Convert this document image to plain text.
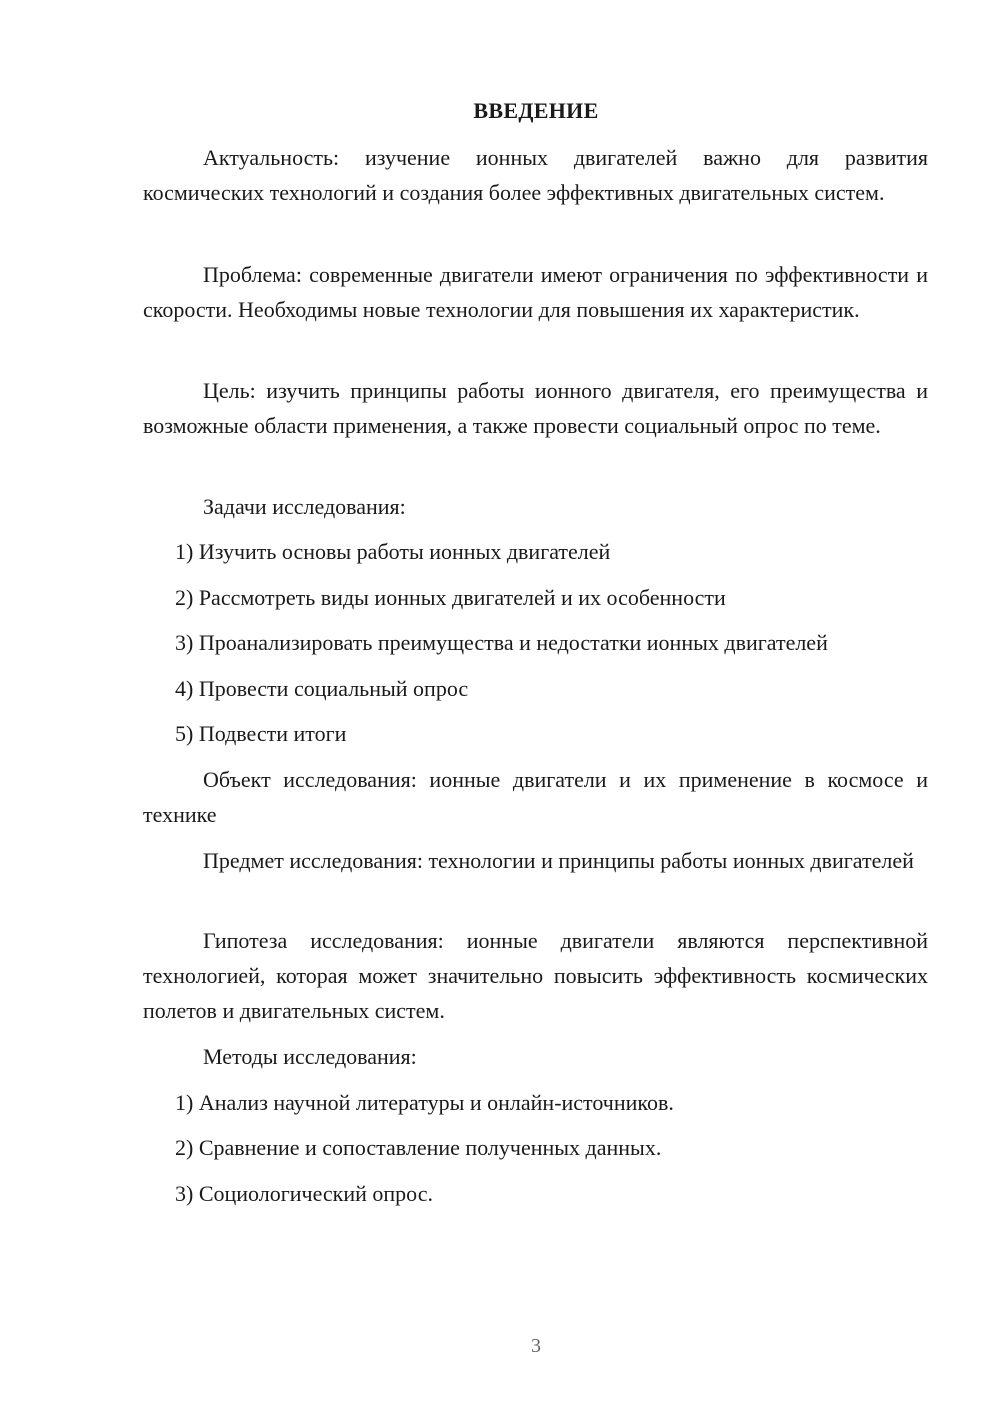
ВВЕДЕНИЕ

Актуальность: изучение ионных двигателей важно для развития космических технологий и создания более эффективных двигательных систем.

Проблема: современные двигатели имеют ограничения по эффективности и скорости. Необходимы новые технологии для повышения их характеристик.

Цель: изучить принципы работы ионного двигателя, его преимущества и возможные области применения, а также провести социальный опрос по теме.

Задачи исследования:
1) Изучить основы работы ионных двигателей
2) Рассмотреть виды ионных двигателей и их особенности
3) Проанализировать преимущества и недостатки ионных двигателей
4) Провести социальный опрос
5) Подвести итоги

Объект исследования: ионные двигатели и их применение в космосе и технике

Предмет исследования: технологии и принципы работы ионных двигателей

Гипотеза исследования: ионные двигатели являются перспективной технологией, которая может значительно повысить эффективность космических полетов и двигательных систем.

Методы исследования:
1) Анализ научной литературы и онлайн-источников.
2) Сравнение и сопоставление полученных данных.
3) Социологический опрос.
3
